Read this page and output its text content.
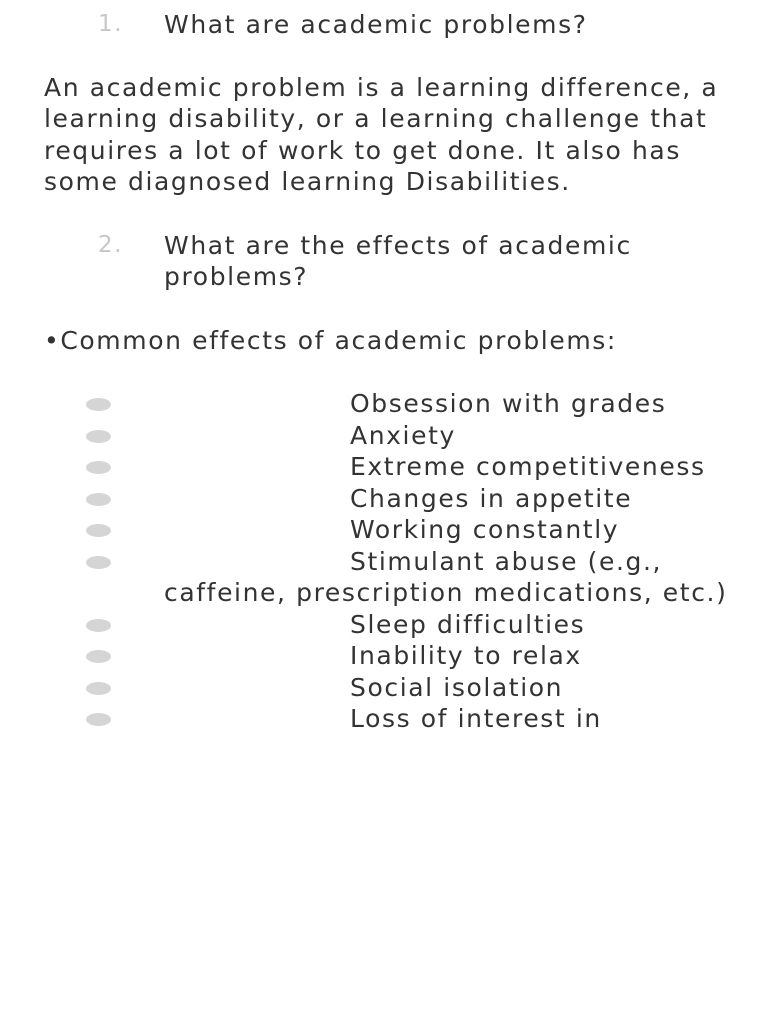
1. What are academic problems?
An academic problem is a learning difference, a learning disability, or a learning challenge that requires a lot of work to get done. It also has some diagnosed learning Disabilities.
2. What are the effects of academic problems?
•Common effects of academic problems:
Obsession with grades
Anxiety
Extreme competitiveness
Changes in appetite
Working constantly
Stimulant abuse (e.g., caffeine, prescription medications, etc.)
Sleep difficulties
Inability to relax
Social isolation
Loss of interest in
